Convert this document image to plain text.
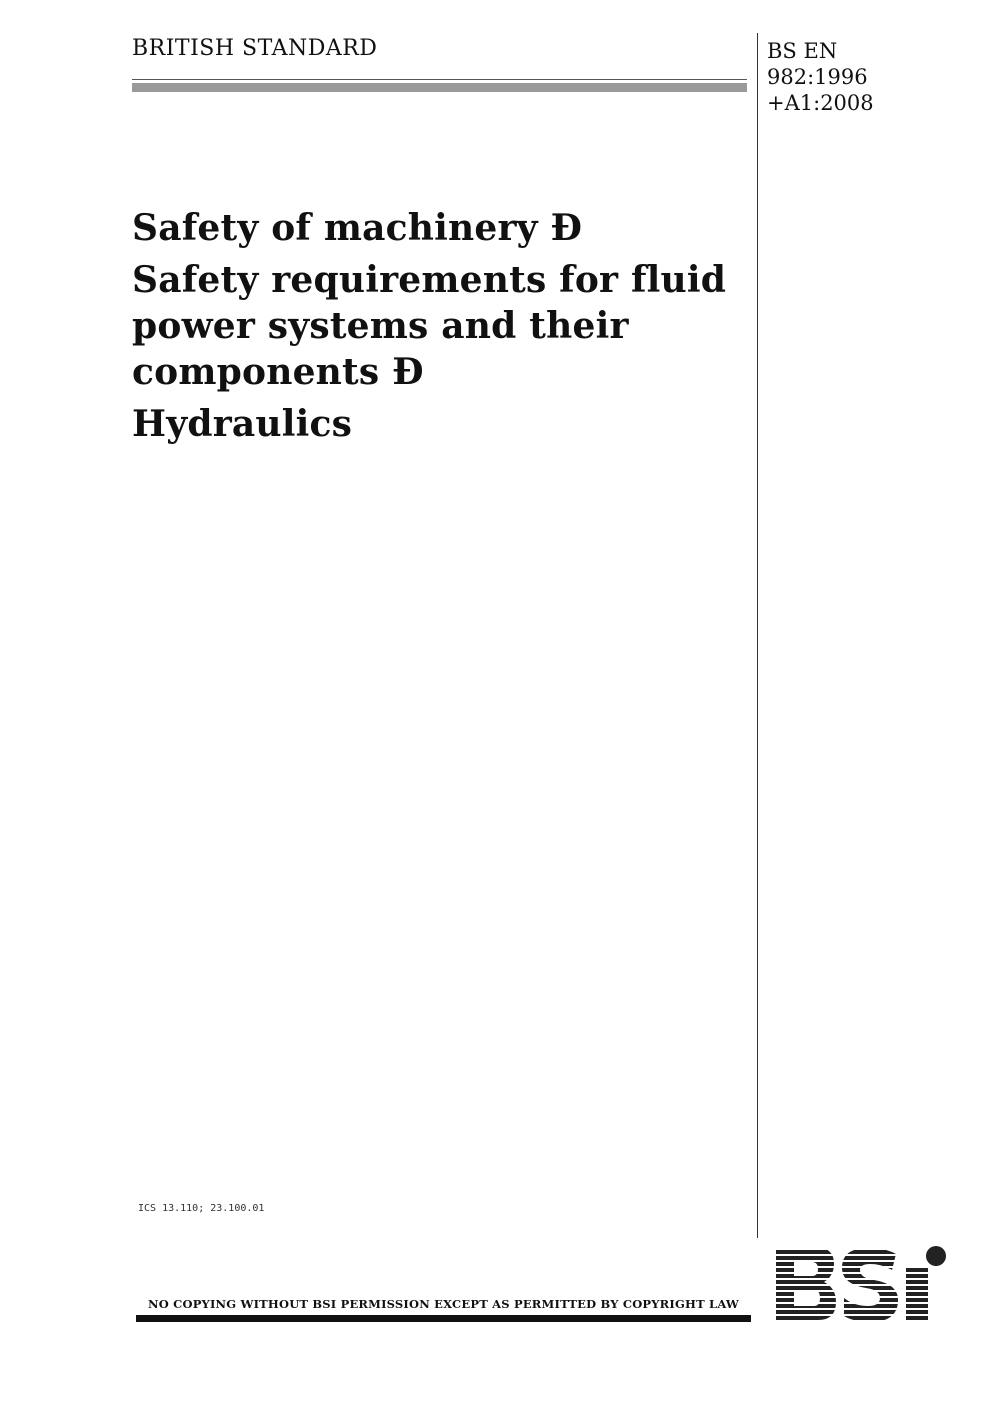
BRITISH STANDARD	BS EN
982:1996
+A1:2008
Safety of machinery Ð
Safety requirements for fluid
power systems and their
components Ð
Hydraulics
ICS 13.110; 23.100.01
NO COPYING WITHOUT BSI PERMISSION EXCEPT AS PERMITTED BY COPYRIGHT LAW
